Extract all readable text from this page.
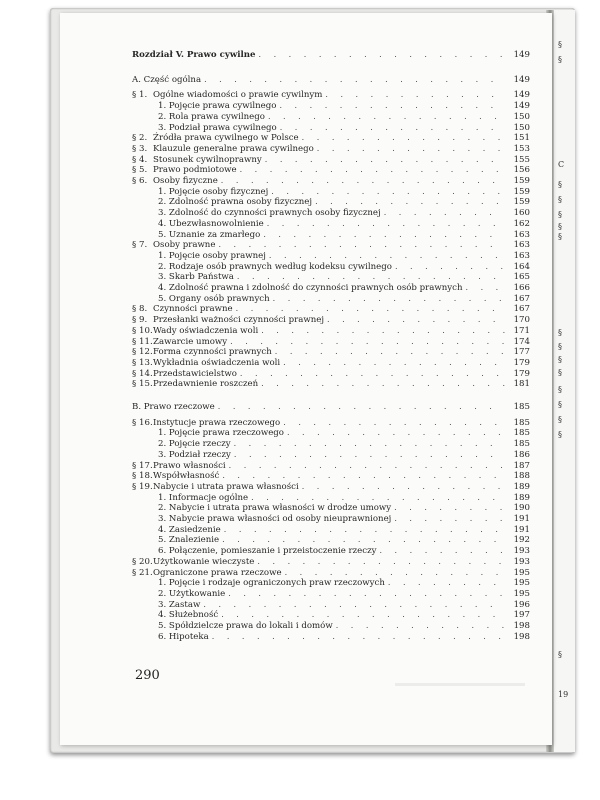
§
§
C
§
§
§
§
§
§
§
§
§
§
§
§
§
§
19
Rozdział V. Prawo cywilne . . .	149
A. Część ogólna . . .	149
§ 1. Ogólne wiadomości o prawie cywilnym . . .	149
1. Pojęcie prawa cywilnego . . .	149
2. Rola prawa cywilnego . . .	150
3. Podział prawa cywilnego . . .	150
§ 2. Źródła prawa cywilnego w Polsce . . .	151
§ 3. Klauzule generalne prawa cywilnego . . .	153
§ 4. Stosunek cywilnoprawny . . .	155
§ 5. Prawo podmiotowe . . .	156
§ 6. Osoby fizyczne . . .	159
1. Pojęcie osoby fizycznej . . .	159
2. Zdolność prawna osoby fizycznej . . .	159
3. Zdolność do czynności prawnych osoby fizycznej . . .	160
4. Ubezwłasnowolnienie . . .	162
5. Uznanie za zmarłego . . .	163
§ 7. Osoby prawne . . .	163
1. Pojęcie osoby prawnej . . .	163
2. Rodzaje osób prawnych według kodeksu cywilnego . . .	164
3. Skarb Państwa . . .	165
4. Zdolność prawna i zdolność do czynności prawnych osób prawnych . . .	166
5. Organy osób prawnych . . .	167
§ 8. Czynności prawne . . .	167
§ 9. Przesłanki ważności czynności prawnej . . .	170
§ 10. Wady oświadczenia woli . . .	171
§ 11. Zawarcie umowy . . .	174
§ 12. Forma czynności prawnych . . .	177
§ 13. Wykładnia oświadczenia woli . . .	179
§ 14. Przedstawicielstwo . . .	179
§ 15. Przedawnienie roszczeń . . .	181
B. Prawo rzeczowe . . .	185
§ 16. Instytucje prawa rzeczowego . . .	185
1. Pojęcie prawa rzeczowego . . .	185
2. Pojęcie rzeczy . . .	185
3. Podział rzeczy . . .	186
§ 17. Prawo własności . . .	187
§ 18. Współwłasność . . .	188
§ 19. Nabycie i utrata prawa własności . . .	189
1. Informacje ogólne . . .	189
2. Nabycie i utrata prawa własności w drodze umowy . . .	190
3. Nabycie prawa własności od osoby nieuprawnionej . . .	191
4. Zasiedzenie . . .	191
5. Znalezienie . . .	192
6. Połączenie, pomieszanie i przeistoczenie rzeczy . . .	193
§ 20. Użytkowanie wieczyste . . .	193
§ 21. Ograniczone prawa rzeczowe . . .	195
1. Pojęcie i rodzaje ograniczonych praw rzeczowych . . .	195
2. Użytkowanie . . .	195
3. Zastaw . . .	196
4. Służebność . . .	197
5. Spółdzielcze prawa do lokali i domów . . .	198
6. Hipoteka . . .	198
290
